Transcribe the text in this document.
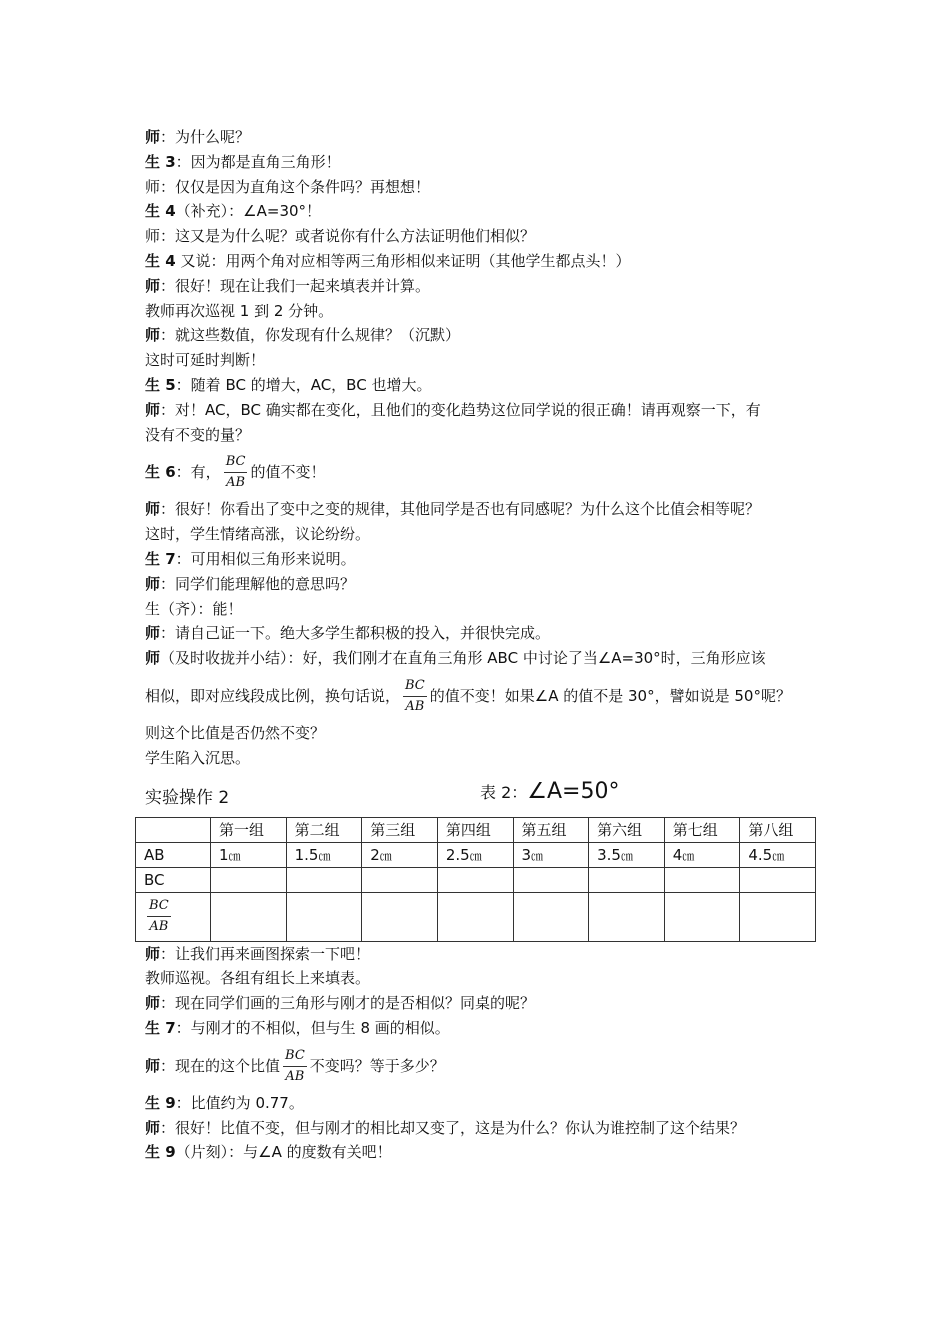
师：为什么呢？
生 3：因为都是直角三角形！
师：仅仅是因为直角这个条件吗？再想想！
生 4（补充）：∠A=30°！
师：这又是为什么呢？或者说你有什么方法证明他们相似？
生 4 又说：用两个角对应相等两三角形相似来证明（其他学生都点头！）
师：很好！现在让我们一起来填表并计算。
教师再次巡视 1 到 2 分钟。
师：就这些数值，你发现有什么规律？（沉默）
这时可延时判断！
生 5：随着 BC 的增大，AC，BC 也增大。
师：对！AC，BC 确实都在变化，且他们的变化趋势这位同学说的很正确！请再观察一下，有
没有不变的量？
生 6：有， $\frac{BC}{AB}$ 的值不变！
师：很好！你看出了变中之变的规律，其他同学是否也有同感呢？为什么这个比值会相等呢？
这时，学生情绪高涨，议论纷纷。
生 7：可用相似三角形来说明。
师：同学们能理解他的意思吗？
生（齐）：能！
师：请自己证一下。绝大多学生都积极的投入，并很快完成。
师（及时收拢并小结）：好，我们刚才在直角三角形 ABC 中讨论了当∠A=30°时，三角形应该
相似，即对应线段成比例，换句话说， $\frac{BC}{AB}$ 的值不变！如果∠A 的值不是 30°，譬如说是 50°呢？
则这个比值是否仍然不变？
学生陷入沉思。
实验操作 2	表 2：∠A=50°
	第一组	第二组	第三组	第四组	第五组	第六组	第七组	第八组
AB	1㎝	1.5㎝	2㎝	2.5㎝	3㎝	3.5㎝	4㎝	4.5㎝
BC								

$\frac{BC}{AB}$

师：让我们再来画图探索一下吧！
教师巡视。各组有组长上来填表。
师：现在同学们画的三角形与刚才的是否相似？同桌的呢？
生 7：与刚才的不相似，但与生 8 画的相似。
师：现在的这个比值 $\frac{BC}{AB}$ 不变吗？等于多少？
生 9：比值约为 0.77。
师：很好！比值不变，但与刚才的相比却又变了，这是为什么？你认为谁控制了这个结果？
生 9（片刻）：与∠A 的度数有关吧！
